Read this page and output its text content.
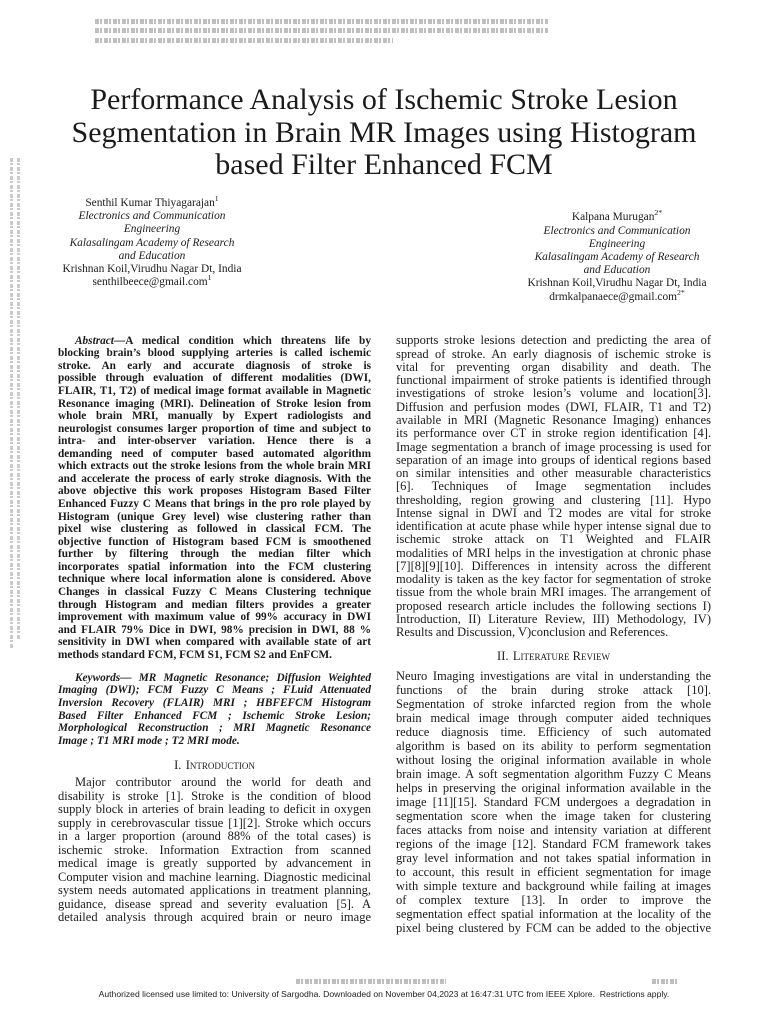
Performance Analysis of Ischemic Stroke Lesion
Segmentation in Brain MR Images using Histogram
based Filter Enhanced FCM
Senthil Kumar Thiyagarajan$^1$
Electronics and Communication
Engineering
Kalasalingam Academy of Research
and Education
Krishnan Koil,Virudhu Nagar Dt, India
senthilbeece@gmail.com$^1$
Kalpana Murugan$^{2*}$
Electronics and Communication
Engineering
Kalasalingam Academy of Research
and Education
Krishnan Koil,Virudhu Nagar Dt, India
drmkalpanaece@gmail.com$^{2*}$
Abstract—A medical condition which threatens life by
blocking brain’s blood supplying arteries is called ischemic
stroke. An early and accurate diagnosis of stroke is
possible through evaluation of different modalities (DWI,
FLAIR, T1, T2) of medical image format available in Magnetic
Resonance imaging (MRI). Delineation of Stroke lesion from
whole brain MRI, manually by Expert radiologists and
neurologist consumes larger proportion of time and subject to
intra- and inter-observer variation. Hence there is a
demanding need of computer based automated algorithm
which extracts out the stroke lesions from the whole brain MRI
and accelerate the process of early stroke diagnosis. With the
above objective this work proposes Histogram Based Filter
Enhanced Fuzzy C Means that brings in the pro role played by
Histogram (unique Grey level) wise clustering rather than
pixel wise clustering as followed in classical FCM. The
objective function of Histogram based FCM is smoothened
further by filtering through the median filter which
incorporates spatial information into the FCM clustering
technique where local information alone is considered. Above
Changes in classical Fuzzy C Means Clustering technique
through Histogram and median filters provides a greater
improvement with maximum value of 99% accuracy in DWI
and FLAIR 79% Dice in DWI, 98% precision in DWI, 88 %
sensitivity in DWI when compared with available state of art
methods standard FCM, FCM S1, FCM S2 and EnFCM.
Keywords— MR Magnetic Resonance; Diffusion Weighted
Imaging (DWI); FCM Fuzzy C Means ; FLuid Attenuated
Inversion Recovery (FLAIR) MRI ; HBFEFCM Histogram
Based Filter Enhanced FCM ; Ischemic Stroke Lesion;
Morphological Reconstruction ; MRI Magnetic Resonance
Image ; T1 MRI mode ; T2 MRI mode.
I. Introduction
Major contributor around the world for death and
disability is stroke [1]. Stroke is the condition of blood
supply block in arteries of brain leading to deficit in oxygen
supply in cerebrovascular tissue [1][2]. Stroke which occurs
in a larger proportion (around 88% of the total cases) is
ischemic stroke. Information Extraction from scanned
medical image is greatly supported by advancement in
Computer vision and machine learning. Diagnostic medicinal
system needs automated applications in treatment planning,
guidance, disease spread and severity evaluation [5]. A
detailed analysis through acquired brain or neuro image
supports stroke lesions detection and predicting the area of
spread of stroke. An early diagnosis of ischemic stroke is
vital for preventing organ disability and death. The
functional impairment of stroke patients is identified through
investigations of stroke lesion’s volume and location[3].
Diffusion and perfusion modes (DWI, FLAIR, T1 and T2)
available in MRI (Magnetic Resonance Imaging) enhances
its performance over CT in stroke region identification [4].
Image segmentation a branch of image processing is used for
separation of an image into groups of identical regions based
on similar intensities and other measurable characteristics
[6]. Techniques of Image segmentation includes
thresholding, region growing and clustering [11]. Hypo
Intense signal in DWI and T2 modes are vital for stroke
identification at acute phase while hyper intense signal due to
ischemic stroke attack on T1 Weighted and FLAIR
modalities of MRI helps in the investigation at chronic phase
[7][8][9][10]. Differences in intensity across the different
modality is taken as the key factor for segmentation of stroke
tissue from the whole brain MRI images. The arrangement of
proposed research article includes the following sections I)
Introduction, II) Literature Review, III) Methodology, IV)
Results and Discussion, V)conclusion and References.
II. Literature Review
Neuro Imaging investigations are vital in understanding the
functions of the brain during stroke attack [10].
Segmentation of stroke infarcted region from the whole
brain medical image through computer aided techniques
reduce diagnosis time. Efficiency of such automated
algorithm is based on its ability to perform segmentation
without losing the original information available in whole
brain image. A soft segmentation algorithm Fuzzy C Means
helps in preserving the original information available in the
image [11][15]. Standard FCM undergoes a degradation in
segmentation score when the image taken for clustering
faces attacks from noise and intensity variation at different
regions of the image [12]. Standard FCM framework takes
gray level information and not takes spatial information in
to account, this result in efficient segmentation for image
with simple texture and background while failing at images
of complex texture [13]. In order to improve the
segmentation effect spatial information at the locality of the
pixel being clustered by FCM can be added to the objective
Authorized licensed use limited to: University of Sargodha. Downloaded on November 04,2023 at 16:47:31 UTC from IEEE Xplore.  Restrictions apply.
